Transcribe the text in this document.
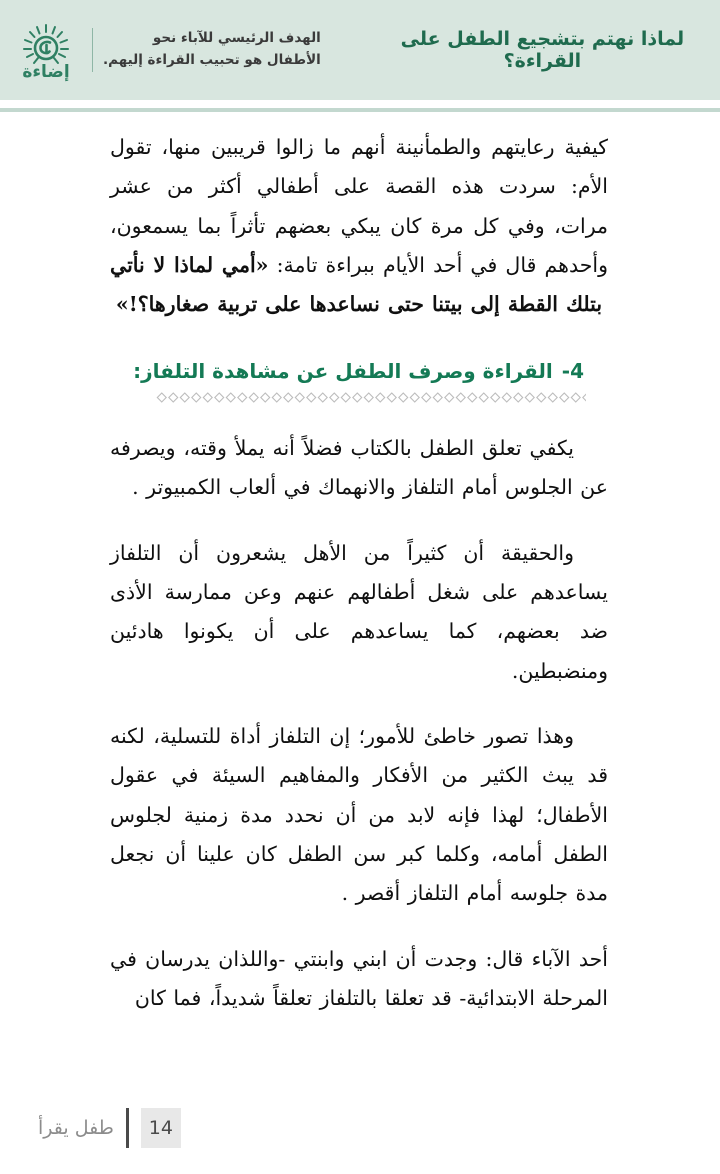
إضاءة
الهدف الرئيسي للآباء نحو
الأطفال هو تحبيب القراءة إليهم.
لماذا نهتم بتشجيع الطفل على القراءة؟

كيفية رعايتهم والطمأنينة أنهم ما زالوا قريبين منها، تقول الأم: سردت هذه القصة على أطفالي أكثر من عشر مرات، وفي كل مرة كان يبكي بعضهم تأثراً بما يسمعون، وأحدهم قال في أحد الأيام ببراءة تامة: «أمي لماذا لا نأتي بتلك القطة إلى بيتنا حتى نساعدها على تربية صغارها؟!»

4-
القراءة وصرف الطفل عن مشاهدة التلفاز:

يكفي تعلق الطفل بالكتاب فضلاً أنه يملأ وقته، ويصرفه عن الجلوس أمام التلفاز والانهماك في ألعاب الكمبيوتر .

والحقيقة أن كثيراً من الأهل يشعرون أن التلفاز يساعدهم على شغل أطفالهم عنهم وعن ممارسة الأذى ضد بعضهم، كما يساعدهم على أن يكونوا هادئين ومنضبطين.

وهذا تصور خاطئ للأمور؛ إن التلفاز أداة للتسلية، لكنه قد يبث الكثير من الأفكار والمفاهيم السيئة في عقول الأطفال؛ لهذا فإنه لابد من أن نحدد مدة زمنية لجلوس الطفل أمامه، وكلما كبر سن الطفل كان علينا أن نجعل مدة جلوسه أمام التلفاز أقصر .

أحد الآباء قال: وجدت أن ابني وابنتي -واللذان يدرسان في المرحلة الابتدائية- قد تعلقا بالتلفاز تعلقاً شديداً، فما كان

14
طفل يقرأ
